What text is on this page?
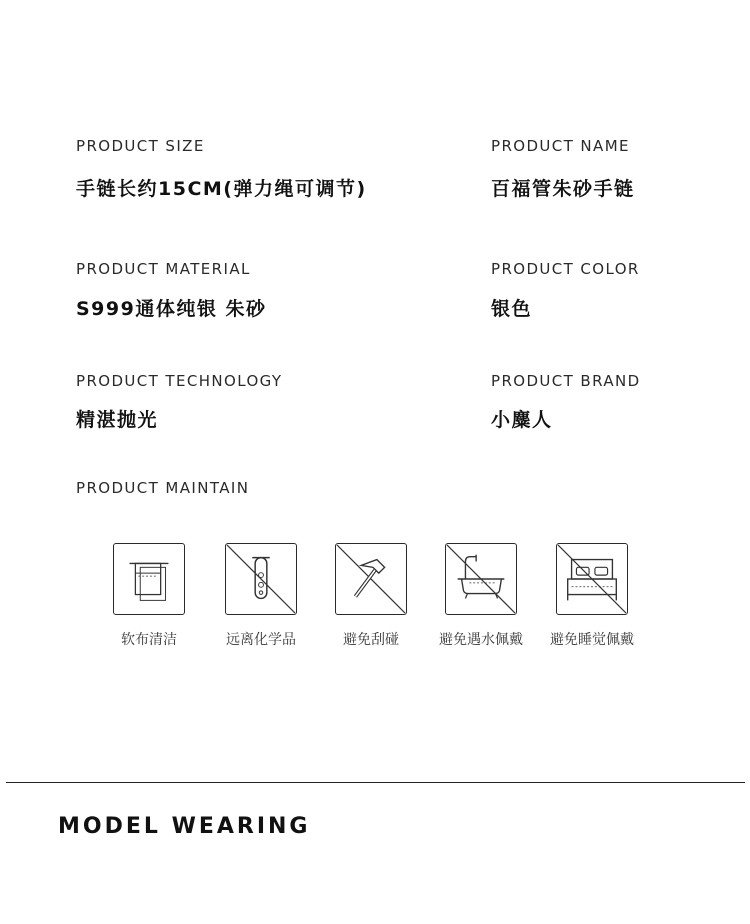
PRODUCT SIZE
手链长约15CM(弹力绳可调节)
PRODUCT NAME
百福管朱砂手链
PRODUCT MATERIAL
S999通体纯银 朱砂
PRODUCT COLOR
银色
PRODUCT TECHNOLOGY
精湛抛光
PRODUCT BRAND
小麋人
PRODUCT MAINTAIN
软布清洁	远离化学品	避免刮碰	避免遇水佩戴	避免睡觉佩戴
MODEL WEARING
